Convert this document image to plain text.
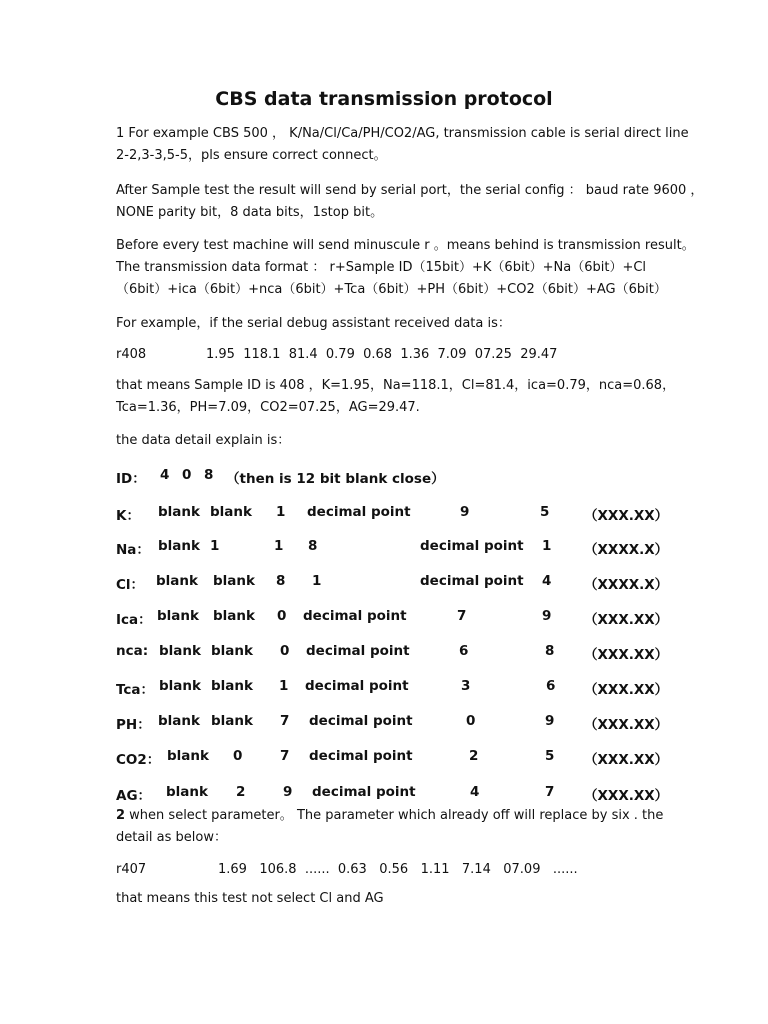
CBS data transmission protocol
1 For example CBS 500 ， K/Na/Cl/Ca/PH/CO2/AG, transmission cable is serial direct line
2-2,3-3,5-5，pls ensure correct connect。
After Sample test the result will send by serial port，the serial config ： baud rate 9600 ，
NONE parity bit，8 data bits，1stop bit。
Before every test machine will send minuscule r 。means behind is transmission result。
The transmission data format ： r+Sample ID（15bit）+K（6bit）+Na（6bit）+Cl
（6bit）+ica（6bit）+nca（6bit）+Tca（6bit）+PH（6bit）+CO2（6bit）+AG（6bit）
For example，if the serial debug assistant received data is：
r408	1.95  118.1  81.4  0.79  0.68  1.36  7.09  07.25  29.47
that means Sample ID is 408 ，K=1.95，Na=118.1，Cl=81.4，ica=0.79，nca=0.68，
Tca=1.36，PH=7.09，CO2=07.25，AG=29.47.
the data detail explain is：
ID： 4 0 8 （then is 12 bit blank close）
K： blank blank 1 decimal point	9	5	（XXX.XX）
Na： blank 1	1 8	decimal point 1 （XXXX.X）
Cl： blank blank 8 1	decimal point 4 （XXXX.X）
Ica： blank blank 0 decimal point	7	9 （XXX.XX）
nca: blank blank 0 decimal point	6	8 （XXX.XX）
Tca： blank blank 1 decimal point	3	6 （XXX.XX）
PH： blank blank 7 decimal point	0	9 （XXX.XX）
CO2： blank 0	7 decimal point	2	5 （XXX.XX）
AG： blank 2	9 decimal point	4	7 （XXX.XX）
2 when select parameter。 The parameter which already off will replace by six . the
detail as below：
r407	1.69   106.8  ......  0.63   0.56   1.11   7.14   07.09   ......
that means this test not select Cl and AG
